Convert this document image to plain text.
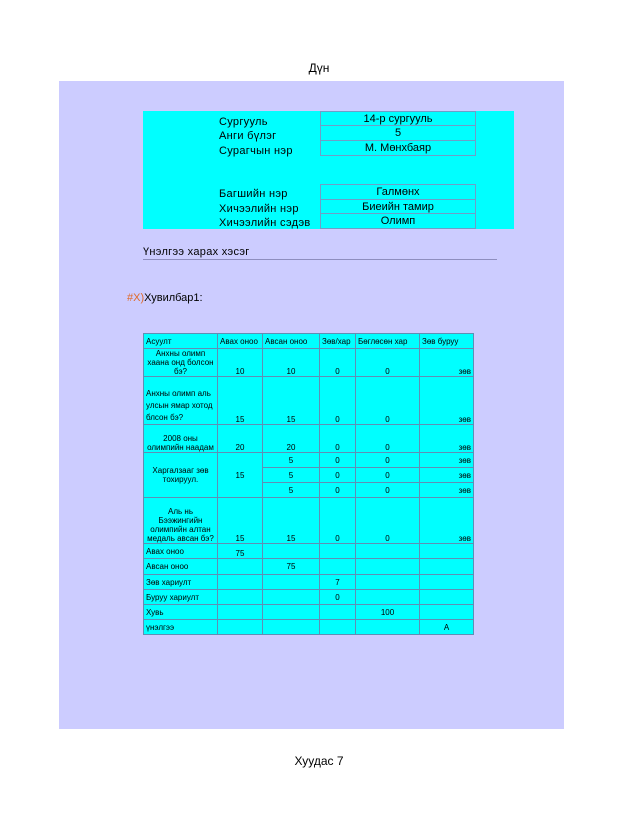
Дүн
Сургууль	14-р сургууль
Анги бүлэг	5
Сурагчын нэр	М. Мөнхбаяр
Багшийн нэр	Галмөнх
Хичээлийн нэр	Биеийн тамир
Хичээлийн сэдэв	Олимп
Үнэлгээ харах хэсэг
#Х)Хувилбар1:
Асуулт	Авах оноо	Авсан оноо	Зөв/хар	Бөглөсөн хар	Зөв буруу
Анхны олимп хаана онд болсон бэ?	10	10	0	0	зөв
Анхны олимп аль улсын ямар хотод блсон бэ?	15	15	0	0	зөв
2008 оны олимпийн наадам	20	20	0	0	зөв
Харгалзааг зөв тохируул.	15	5	0	0	зөв
		5	0	0	зөв
		5	0	0	зөв
Аль нь Бээжингийн олимпийн алтан медаль авсан бэ?	15	15	0	0	зөв
Авах оноо	75				
Авсан оноо		75			
Зөв хариулт			7		
Буруу хариулт			0		
Хувь				100	
үнэлгээ					А
Хуудас 7
